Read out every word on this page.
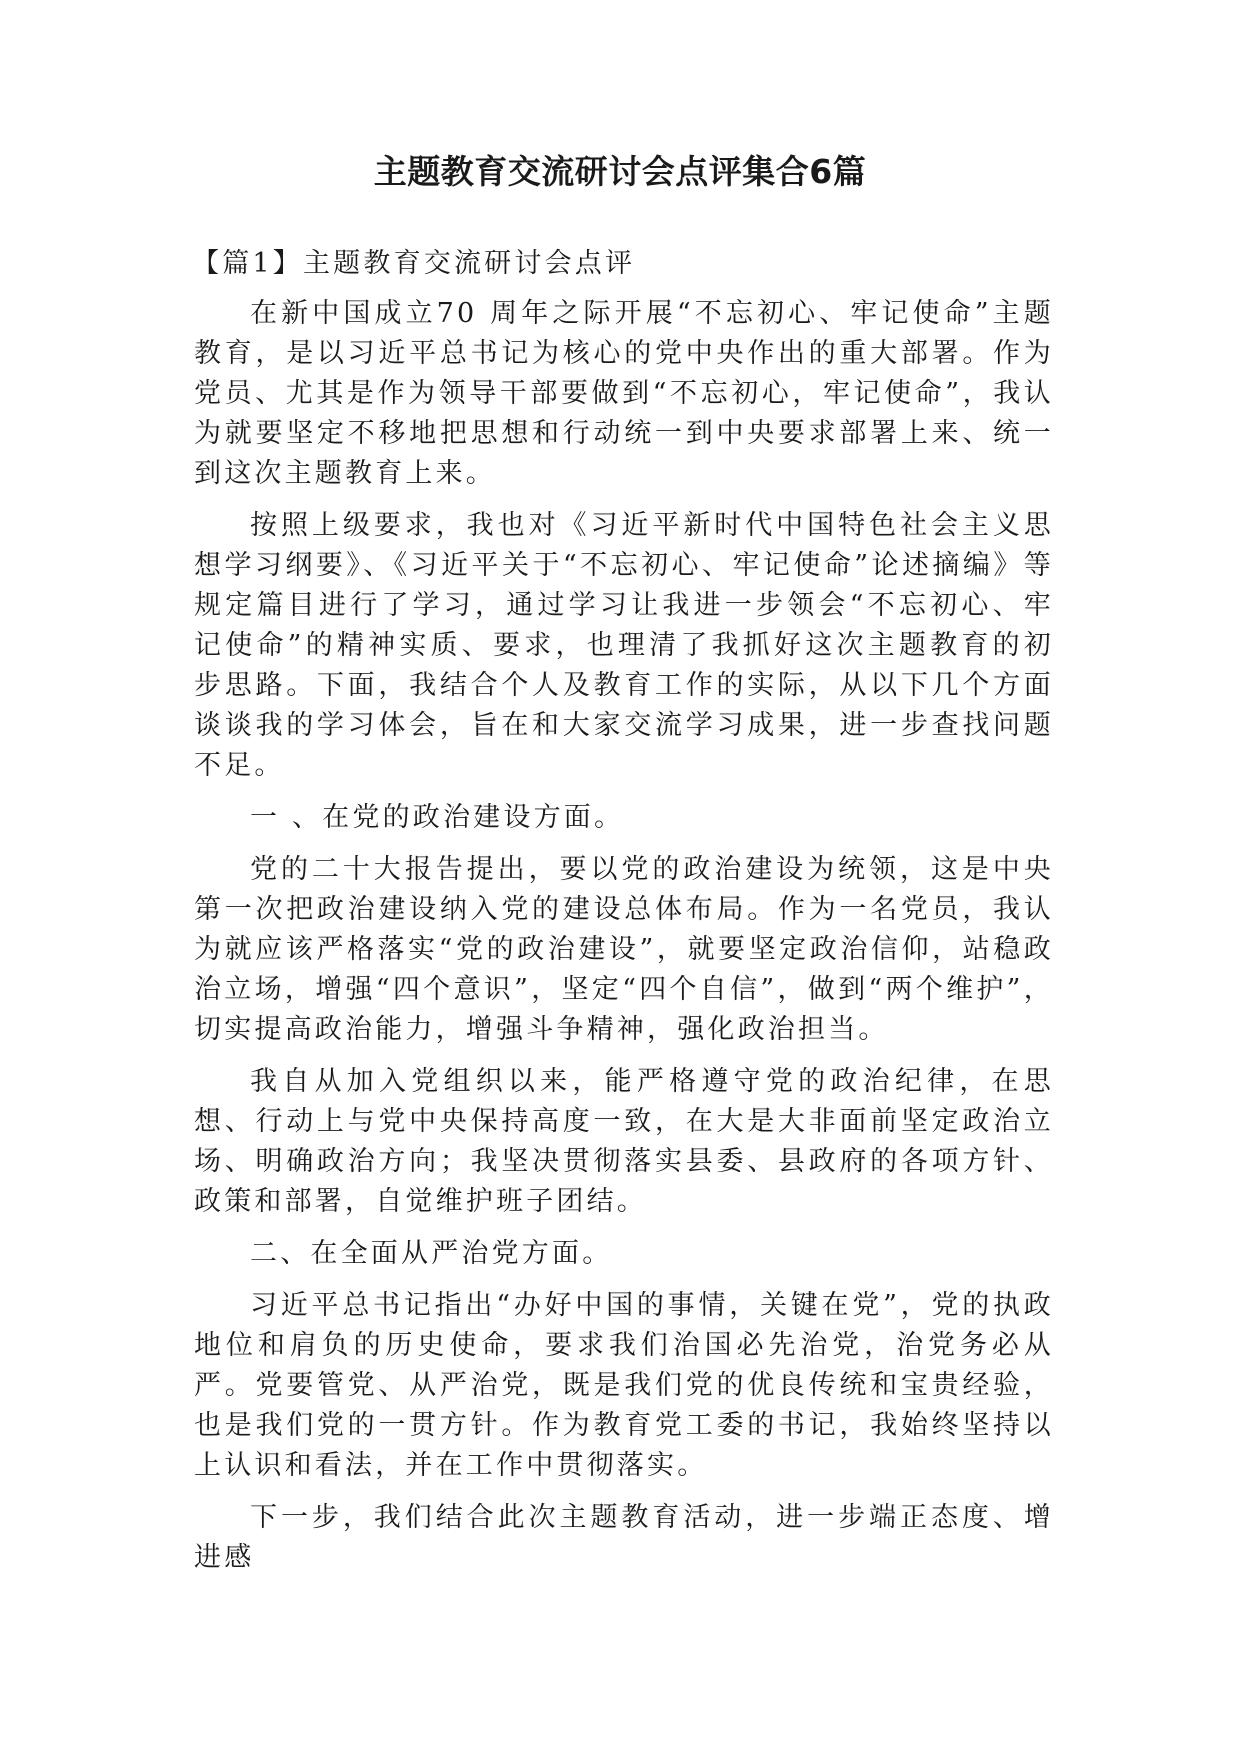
主题教育交流研讨会点评集合6篇

【篇1】主题教育交流研讨会点评

在新中国成立70 周年之际开展“不忘初心、牢记使命”主题教育，是以习近平总书记为核心的党中央作出的重大部署。作为党员、尤其是作为领导干部要做到“不忘初心，牢记使命”，我认为就要坚定不移地把思想和行动统一到中央要求部署上来、统一到这次主题教育上来。

按照上级要求，我也对《习近平新时代中国特色社会主义思想学习纲要》、《习近平关于“不忘初心、牢记使命”论述摘编》等规定篇目进行了学习，通过学习让我进一步领会“不忘初心、牢记使命”的精神实质、要求，也理清了我抓好这次主题教育的初步思路。下面，我结合个人及教育工作的实际，从以下几个方面谈谈我的学习体会，旨在和大家交流学习成果，进一步查找问题不足。

一 、在党的政治建设方面。

党的二十大报告提出，要以党的政治建设为统领，这是中央第一次把政治建设纳入党的建设总体布局。作为一名党员，我认为就应该严格落实“党的政治建设”，就要坚定政治信仰，站稳政治立场，增强“四个意识”，坚定“四个自信”，做到“两个维护”，切实提高政治能力，增强斗争精神，强化政治担当。

我自从加入党组织以来，能严格遵守党的政治纪律，在思想、行动上与党中央保持高度一致，在大是大非面前坚定政治立场、明确政治方向；我坚决贯彻落实县委、县政府的各项方针、政策和部署，自觉维护班子团结。

二、在全面从严治党方面。

习近平总书记指出“办好中国的事情，关键在党”，党的执政地位和肩负的历史使命，要求我们治国必先治党，治党务必从严。党要管党、从严治党，既是我们党的优良传统和宝贵经验，也是我们党的一贯方针。作为教育党工委的书记，我始终坚持以上认识和看法，并在工作中贯彻落实。

下一步，我们结合此次主题教育活动，进一步端正态度、增进感
